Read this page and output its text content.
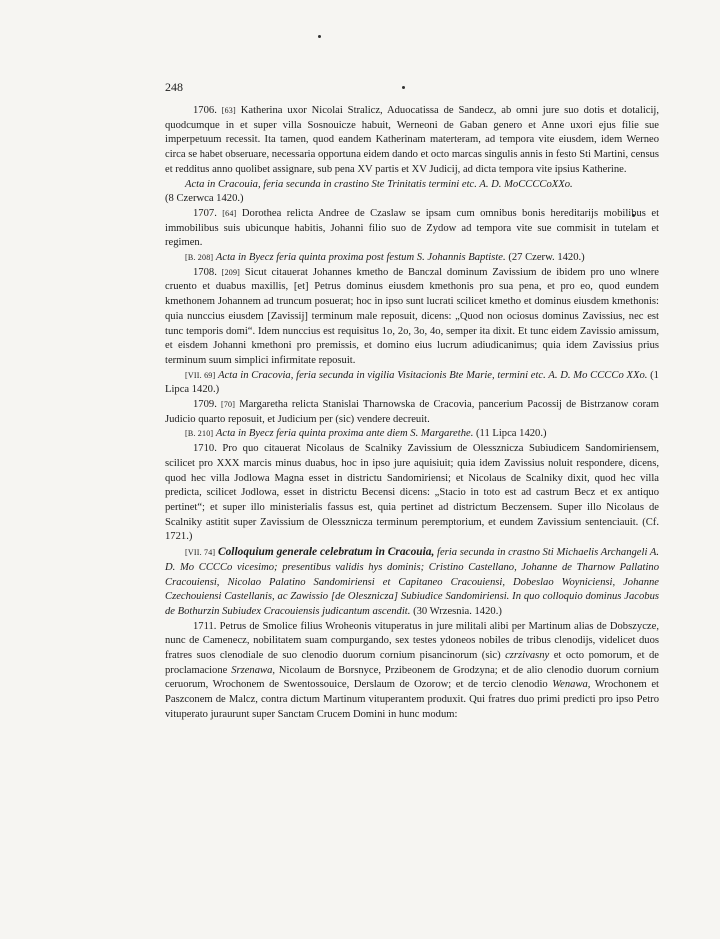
248

1706. [63] Katherina uxor Nicolai Stralicz, Aduocatissa de Sandecz, ab omni jure suo dotis et dotalicij, quodcumque in et super villa Sosnouicze habuit, Werneoni de Gaban genero et Anne uxori ejus filie sue imperpetuum recessit. Ita tamen, quod eandem Katherinam materteram, ad tempora vite eiusdem, idem Werneo circa se habet obseruare, necessaria opportuna eidem dando et octo marcas singulis annis in festo Sti Martini, census et redditus anno quolibet assignare, sub pena XV partis et XV Judicij, ad dicta tempora vite ipsius Katherine.

Acta in Cracouia, feria secunda in crastino Ste Trinitatis termini etc. A. D. MoCCCCoXXo.

(8 Czerwca 1420.)

1707. [64] Dorothea relicta Andree de Czaslaw se ipsam cum omnibus bonis hereditarijs mobilibus et immobilibus suis ubicunque habitis, Johanni filio suo de Zydow ad tempora vite sue commisit in tutelam et regimen.

[B. 208] Acta in Byecz feria quinta proxima post festum S. Johannis Baptiste. (27 Czerw. 1420.)

1708. [209] Sicut citauerat Johannes kmetho de Banczal dominum Zavissium de ibidem pro uno wlnere cruento et duabus maxillis, [et] Petrus dominus eiusdem kmethonis pro sua pena, et pro eo, quod eundem kmethonem Johannem ad truncum posuerat; hoc in ipso sunt lucrati scilicet kmetho et dominus eiusdem kmethonis: quia nunccius eiusdem [Zavissij] terminum male reposuit, dicens: „Quod non ociosus dominus Zavissius, nec est tunc temporis domi“. Idem nunccius est requisitus 1o, 2o, 3o, 4o, semper ita dixit. Et tunc eidem Zavissio amissum, et eisdem Johanni kmethoni pro premissis, et domino eius lucrum adiudicanimus; quia idem Zavissius prius terminum suum simplici infirmitate reposuit.

[VII. 69] Acta in Cracovia, feria secunda in vigilia Visitacionis Bte Marie, termini etc. A. D. Mo CCCCo XXo. (1 Lipca 1420.)

1709. [70] Margaretha relicta Stanislai Tharnowska de Cracovia, pancerium Pacossij de Bistrzanow coram Judicio quarto reposuit, et Judicium per (sic) vendere decreuit.

[B. 210] Acta in Byecz feria quinta proxima ante diem S. Margarethe. (11 Lipca 1420.)

1710. Pro quo citauerat Nicolaus de Scalniky Zavissium de Olessznicza Subiudicem Sandomiriensem, scilicet pro XXX marcis minus duabus, hoc in ipso jure aquisiuit; quia idem Zavissius noluit respondere, dicens, quod hec villa Jodlowa Magna esset in districtu Sandomiriensi; et Nicolaus de Scalniky dixit, quod hec villa predicta, scilicet Jodlowa, esset in districtu Becensi dicens: „Stacio in toto est ad castrum Becz et ex antiquo pertinet“; et super illo ministerialis fassus est, quia pertinet ad districtum Beczensem. Super illo Nicolaus de Scalniky astitit super Zavissium de Olessznicza terminum peremptorium, et eundem Zavissium sentenciauit. (Cf. 1721.)

[VII. 74] Colloquium generale celebratum in Cracouia, feria secunda in crastno Sti Michaelis Archangeli A. D. Mo CCCCo vicesimo; presentibus validis hys dominis; Cristino Castellano, Johanne de Tharnow Pallatino Cracouiensi, Nicolao Palatino Sandomiriensi et Capitaneo Cracouiensi, Dobeslao Woyniciensi, Johanne Czechouiensi Castellanis, ac Zawissio [de Olesznicza] Subiudice Sandomiriensi. In quo colloquio dominus Jacobus de Bothurzin Subiudex Cracouiensis judicantum ascendit. (30 Wrzesnia. 1420.)

1711. Petrus de Smolice filius Wroheonis vituperatus in jure militali alibi per Martinum alias de Dobszycze, nunc de Camenecz, nobilitatem suam compurgando, sex testes ydoneos nobiles de tribus clenodijs, videlicet duos fratres suos clenodiale de suo clenodio duorum cornium pisancinorum (sic) czrzivasny et octo pomorum, et de proclamacione Srzenawa, Nicolaum de Borsnyce, Przibeonem de Grodzyna; et de alio clenodio duorum cornium ceruorum, Wrochonem de Swentossouice, Derslaum de Ozorow; et de tercio clenodio Wenawa, Wrochonem et Paszconem de Malcz, contra dictum Martinum vituperantem produxit. Qui fratres duo primi predicti pro ipso Petro vituperato juraurunt super Sanctam Crucem Domini in hunc modum:
